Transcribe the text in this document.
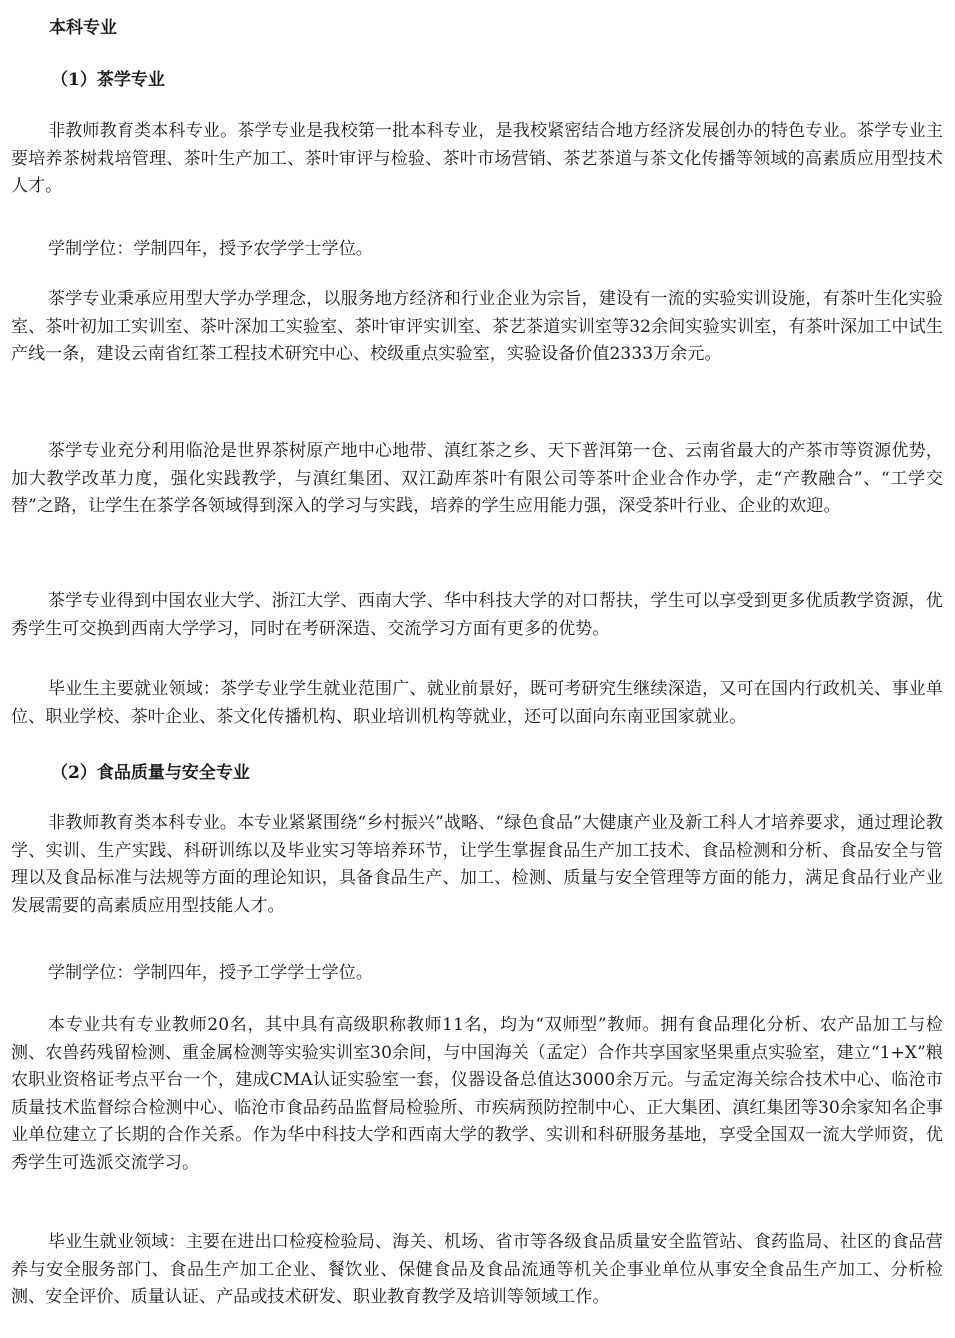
本科专业
（1）茶学专业

非教师教育类本科专业。茶学专业是我校第一批本科专业，是我校紧密结合地方经济发展创办的特色专业。茶学专业主要培养茶树栽培管理、茶叶生产加工、茶叶审评与检验、茶叶市场营销、茶艺茶道与茶文化传播等领域的高素质应用型技术人才。

学制学位：学制四年，授予农学学士学位。

茶学专业秉承应用型大学办学理念，以服务地方经济和行业企业为宗旨，建设有一流的实验实训设施，有茶叶生化实验室、茶叶初加工实训室、茶叶深加工实验室、茶叶审评实训室、茶艺茶道实训室等32余间实验实训室，有茶叶深加工中试生产线一条，建设云南省红茶工程技术研究中心、校级重点实验室，实验设备价值2333万余元。

茶学专业充分利用临沧是世界茶树原产地中心地带、滇红茶之乡、天下普洱第一仓、云南省最大的产茶市等资源优势，加大教学改革力度，强化实践教学，与滇红集团、双江勐库茶叶有限公司等茶叶企业合作办学，走“产教融合”、“工学交替”之路，让学生在茶学各领域得到深入的学习与实践，培养的学生应用能力强，深受茶叶行业、企业的欢迎。

茶学专业得到中国农业大学、浙江大学、西南大学、华中科技大学的对口帮扶，学生可以享受到更多优质教学资源，优秀学生可交换到西南大学学习，同时在考研深造、交流学习方面有更多的优势。

毕业生主要就业领域：茶学专业学生就业范围广、就业前景好，既可考研究生继续深造，又可在国内行政机关、事业单位、职业学校、茶叶企业、茶文化传播机构、职业培训机构等就业，还可以面向东南亚国家就业。

（2）食品质量与安全专业

非教师教育类本科专业。本专业紧紧围绕“乡村振兴”战略、“绿色食品”大健康产业及新工科人才培养要求，通过理论教学、实训、生产实践、科研训练以及毕业实习等培养环节，让学生掌握食品生产加工技术、食品检测和分析、食品安全与管理以及食品标准与法规等方面的理论知识，具备食品生产、加工、检测、质量与安全管理等方面的能力，满足食品行业产业发展需要的高素质应用型技能人才。

学制学位：学制四年，授予工学学士学位。

本专业共有专业教师20名，其中具有高级职称教师11名，均为“双师型”教师。拥有食品理化分析、农产品加工与检测、农兽药残留检测、重金属检测等实验实训室30余间，与中国海关（孟定）合作共享国家坚果重点实验室，建立“1+X”粮农职业资格证考点平台一个，建成CMA认证实验室一套，仪器设备总值达3000余万元。与孟定海关综合技术中心、临沧市质量技术监督综合检测中心、临沧市食品药品监督局检验所、市疾病预防控制中心、正大集团、滇红集团等30余家知名企事业单位建立了长期的合作关系。作为华中科技大学和西南大学的教学、实训和科研服务基地，享受全国双一流大学师资，优秀学生可选派交流学习。

毕业生就业领域：主要在进出口检疫检验局、海关、机场、省市等各级食品质量安全监管站、食药监局、社区的食品营养与安全服务部门、食品生产加工企业、餐饮业、保健食品及食品流通等机关企事业单位从事安全食品生产加工、分析检测、安全评价、质量认证、产品或技术研发、职业教育教学及培训等领域工作。
